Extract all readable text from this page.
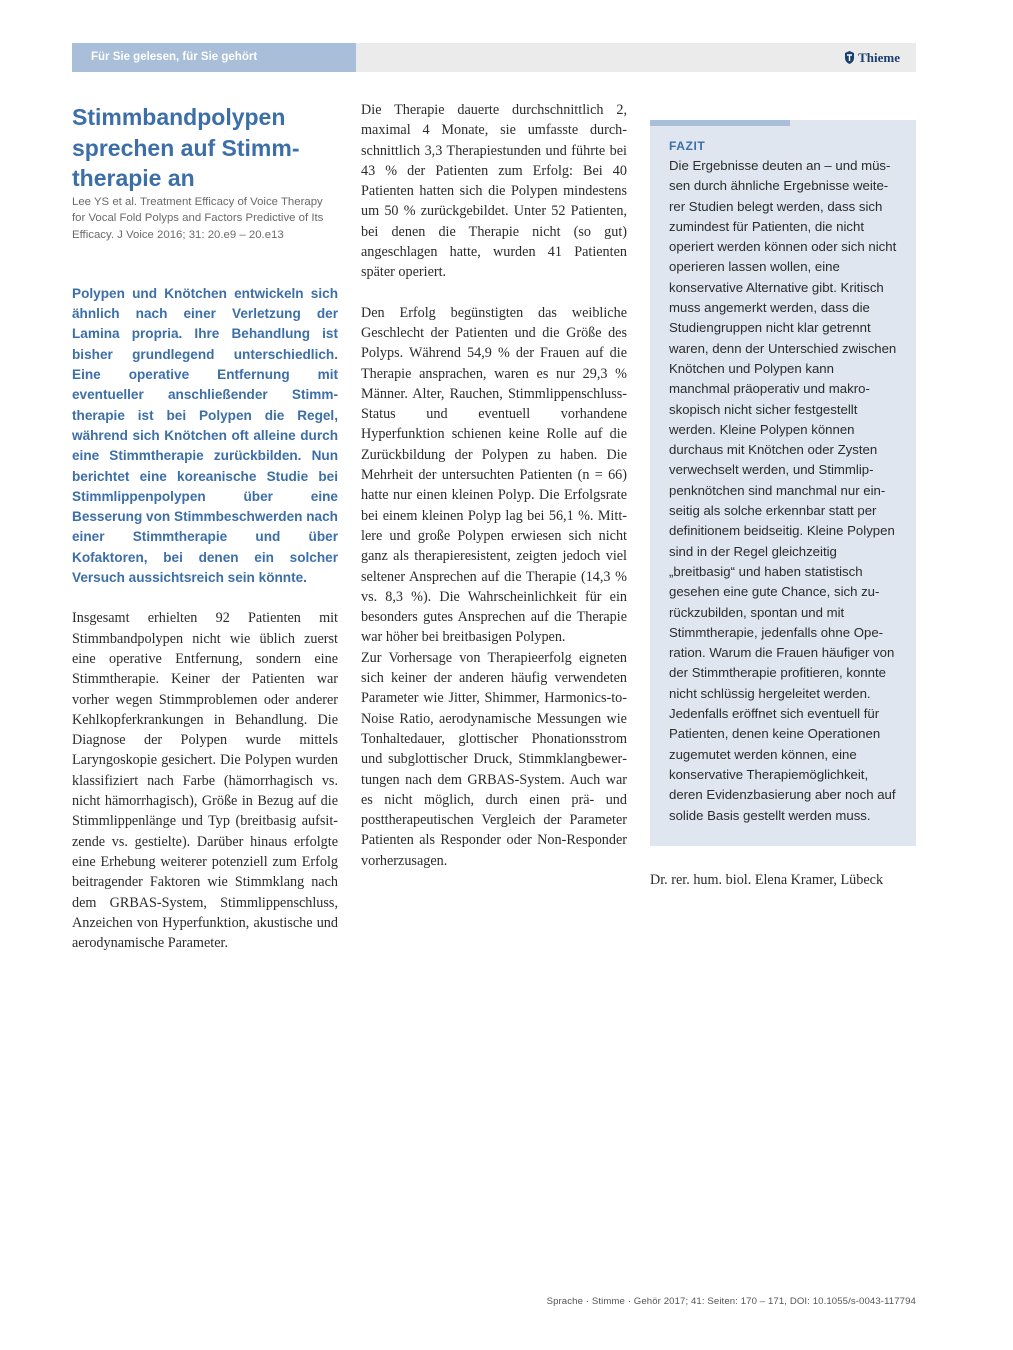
Für Sie gelesen, für Sie gehört	Thieme
Stimmbandpolypen sprechen auf Stimmtherapie an

Lee YS et al. Treatment Efficacy of Voice Therapy for Vocal Fold Polyps and Factors Predictive of Its Efficacy. J Voice 2016; 31: 20.e9 – 20.e13

Polypen und Knötchen entwickeln sich ähnlich nach einer Verletzung der Lamina propria. Ihre Behandlung ist bisher grundlegend unterschiedlich. Eine operative Entfernung mit eventueller anschließender Stimmtherapie ist bei Polypen die Regel, während sich Knötchen oft alleine durch eine Stimmtherapie zurückbilden. Nun berichtet eine koreanische Studie bei Stimmlippenpolypen über eine Besserung von Stimmbeschwerden nach einer Stimmtherapie und über Kofaktoren, bei denen ein solcher Versuch aussichtsreich sein könnte.

Insgesamt erhielten 92 Patienten mit Stimmbandpolypen nicht wie üblich zuerst eine operative Entfernung, sondern eine Stimmtherapie. Keiner der Patienten war vorher wegen Stimmproblemen oder anderer Kehlkopferkrankungen in Behandlung. Die Diagnose der Polypen wurde mittels Laryngoskopie gesichert. Die Polypen wurden klassifiziert nach Farbe (hämorrhagisch vs. nicht hämorrhagisch), Größe in Bezug auf die Stimmlippenlänge und Typ (breitbasig aufsitzende vs. gestielte). Darüber hinaus erfolgte eine Erhebung weiterer potenziell zum Erfolg beitragender Faktoren wie Stimmklang nach dem GRBAS-System, Stimmlippenschluss, Anzeichen von Hyperfunktion, akustische und aerodynamische Parameter.

Die Therapie dauerte durchschnittlich 2, maximal 4 Monate, sie umfasste durchschnittlich 3,3 Therapiestunden und führte bei 43 % der Patienten zum Erfolg: Bei 40 Patienten hatten sich die Polypen mindestens um 50 % zurückgebildet. Unter 52 Patienten, bei denen die Therapie nicht (so gut) angeschlagen hatte, wurden 41 Patienten später operiert.

Den Erfolg begünstigten das weibliche Geschlecht der Patienten und die Größe des Polyps. Während 54,9 % der Frauen auf die Therapie ansprachen, waren es nur 29,3 % Männer. Alter, Rauchen, Stimmlippenschluss-Status und eventuell vorhandene Hyperfunktion schienen keine Rolle auf die Zurückbildung der Polypen zu haben. Die Mehrheit der untersuchten Patienten (n = 66) hatte nur einen kleinen Polyp. Die Erfolgsrate bei einem kleinen Polyp lag bei 56,1 %. Mittlere und große Polypen erwiesen sich nicht ganz als therapieresistent, zeigten jedoch viel seltener Ansprechen auf die Therapie (14,3 % vs. 8,3 %). Die Wahrscheinlichkeit für ein besonders gutes Ansprechen auf die Therapie war höher bei breitbasigen Polypen.

Zur Vorhersage von Therapieerfolg eigneten sich keiner der anderen häufig verwendeten Parameter wie Jitter, Shimmer, Harmonics-to-Noise Ratio, aerodynamische Messungen wie Tonhaltedauer, glottischer Phonationsstrom und subglottischer Druck, Stimmklangbewertungen nach dem GRBAS-System. Auch war es nicht möglich, durch einen prä- und posttherapeutischen Vergleich der Parameter Patienten als Responder oder Non-Responder vorherzusagen.

FAZIT

Die Ergebnisse deuten an – und müssen durch ähnliche Ergebnisse weiterer Studien belegt werden, dass sich zumindest für Patienten, die nicht operiert werden können oder sich nicht operieren lassen wollen, eine konservative Alternative gibt. Kritisch muss angemerkt werden, dass die Studiengruppen nicht klar getrennt waren, denn der Unterschied zwischen Knötchen und Polypen kann manchmal präoperativ und makroskopisch nicht sicher festgestellt werden. Kleine Polypen können durchaus mit Knötchen oder Zysten verwechselt werden, und Stimmlippenknötchen sind manchmal nur einseitig als solche erkennbar statt per definitionem beidseitig. Kleine Polypen sind in der Regel gleichzeitig „breitbasig“ und haben statistisch gesehen eine gute Chance, sich zurückzubilden, spontan und mit Stimmtherapie, jedenfalls ohne Operation. Warum die Frauen häufiger von der Stimmtherapie profitieren, konnte nicht schlüssig hergeleitet werden. Jedenfalls eröffnet sich eventuell für Patienten, denen keine Operationen zugemutet werden können, eine konservative Therapiemöglichkeit, deren Evidenzbasierung aber noch auf solide Basis gestellt werden muss.

Dr. rer. hum. biol. Elena Kramer, Lübeck

Sprache · Stimme · Gehör 2017; 41: Seiten: 170 – 171, DOI: 10.1055/s-0043-117794
